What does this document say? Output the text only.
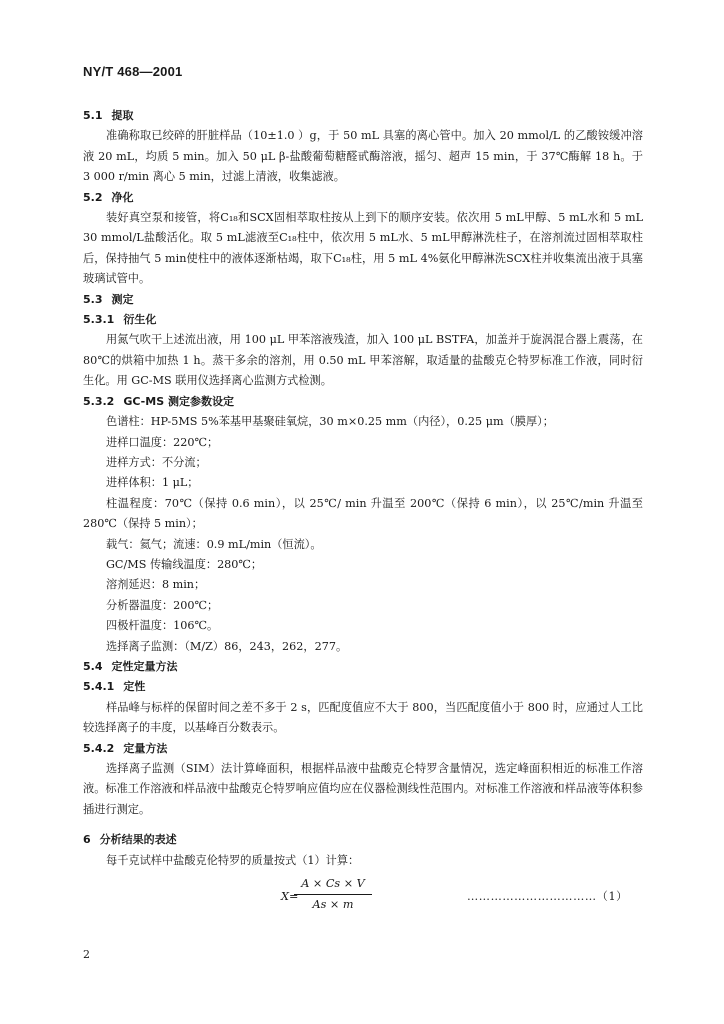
NY/T 468—2001
5.1 提取
准确称取已绞碎的肝脏样品（10±1.0 ）g，于 50 mL 具塞的离心管中。加入 20 mmol/L 的乙酸铵缓冲溶液 20 mL，均质 5 min。加入 50 μL β-盐酸葡萄糖醛甙酶溶液，摇匀、超声 15 min，于 37℃酶解 18 h。于 3 000 r/min 离心 5 min，过滤上清液，收集滤液。
5.2 净化
装好真空泵和接管，将C₁₈和SCX固相萃取柱按从上到下的顺序安装。依次用 5 mL甲醇、5 mL水和 5 mL 30 mmol/L盐酸活化。取 5 mL滤液至C₁₈柱中，依次用 5 mL水、5 mL甲醇淋洗柱子，在溶剂流过固相萃取柱后，保持抽气 5 min使柱中的液体逐渐枯竭，取下C₁₈柱，用 5 mL 4%氨化甲醇淋洗SCX柱并收集流出液于具塞玻璃试管中。
5.3 测定
5.3.1 衍生化
用氮气吹干上述流出液，用 100 μL 甲苯溶液残渣，加入 100 μL BSTFA，加盖并于旋涡混合器上震荡，在 80℃的烘箱中加热 1 h。蒸干多余的溶剂，用 0.50 mL 甲苯溶解，取适量的盐酸克仑特罗标准工作液，同时衍生化。用 GC-MS 联用仪选择离心监测方式检测。
5.3.2 GC-MS 测定参数设定
色谱柱：HP-5MS 5%苯基甲基聚硅氧烷，30 m×0.25 mm（内径），0.25 μm（膜厚）；
进样口温度：220℃；
进样方式：不分流；
进样体积：1 μL；
柱温程度：70℃（保持 0.6 min），以 25℃/ min 升温至 200℃（保持 6 min），以 25℃/min 升温至 280℃（保持 5 min）；
载气：氦气；流速：0.9 mL/min（恒流）。
GC/MS 传输线温度：280℃；
溶剂延迟：8 min；
分析器温度：200℃；
四极杆温度：106℃。
选择离子监测：（M/Z）86，243，262，277。
5.4 定性定量方法
5.4.1 定性
样品峰与标样的保留时间之差不多于 2 s，匹配度值应不大于 800，当匹配度值小于 800 时，应通过人工比较选择离子的丰度，以基峰百分数表示。
5.4.2 定量方法
选择离子监测（SIM）法计算峰面积，根据样品液中盐酸克仑特罗含量情况，选定峰面积相近的标准工作溶液。标准工作溶液和样品液中盐酸克仑特罗响应值均应在仪器检测线性范围内。对标准工作溶液和样品液等体积参插进行测定。
6 分析结果的表述
每千克试样中盐酸克伦特罗的质量按式（1）计算：
X=
A × Cs × V
As × m
……………………………（1）
2
